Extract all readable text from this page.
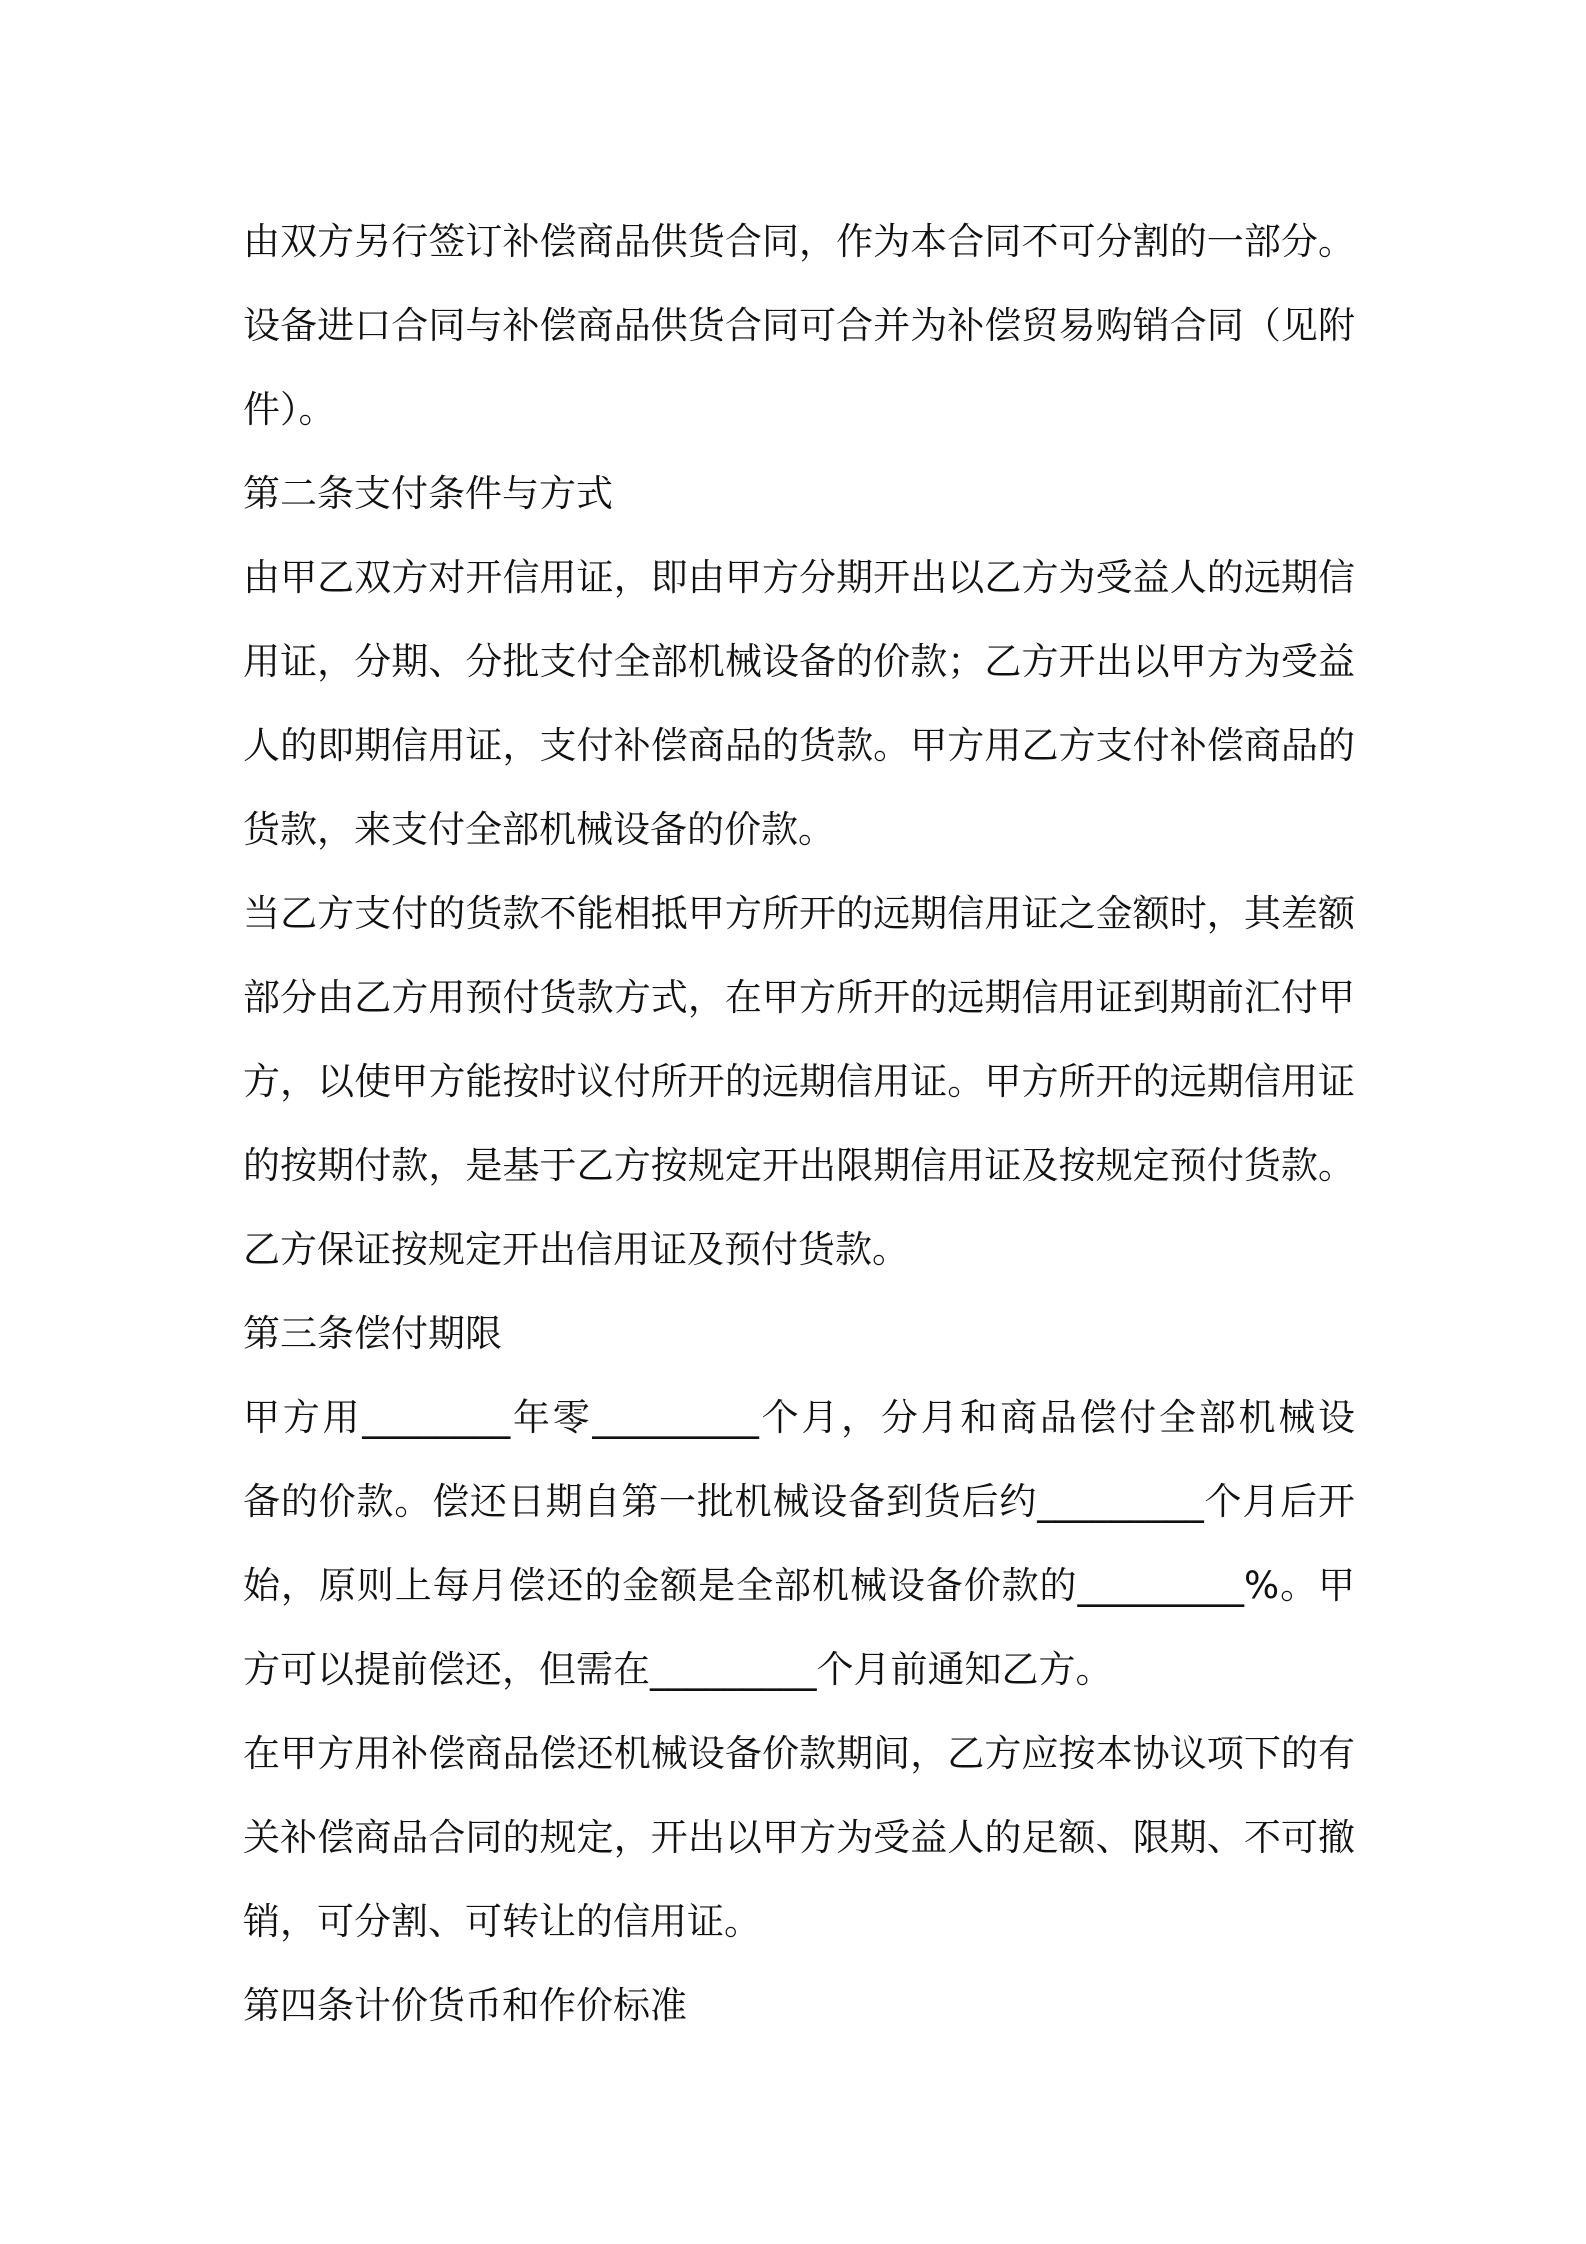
由双方另行签订补偿商品供货合同，作为本合同不可分割的一部分。
设备进口合同与补偿商品供货合同可合并为补偿贸易购销合同（见附
件）。
第二条支付条件与方式
由甲乙双方对开信用证，即由甲方分期开出以乙方为受益人的远期信
用证，分期、分批支付全部机械设备的价款；乙方开出以甲方为受益
人的即期信用证，支付补偿商品的货款。甲方用乙方支付补偿商品的
货款，来支付全部机械设备的价款。
当乙方支付的货款不能相抵甲方所开的远期信用证之金额时，其差额
部分由乙方用预付货款方式，在甲方所开的远期信用证到期前汇付甲
方，以使甲方能按时议付所开的远期信用证。甲方所开的远期信用证
的按期付款，是基于乙方按规定开出限期信用证及按规定预付货款。
乙方保证按规定开出信用证及预付货款。
第三条偿付期限
甲方用________年零_________个月，分月和商品偿付全部机械设
备的价款。偿还日期自第一批机械设备到货后约_________个月后开
始，原则上每月偿还的金额是全部机械设备价款的_________%。甲
方可以提前偿还，但需在_________个月前通知乙方。
在甲方用补偿商品偿还机械设备价款期间，乙方应按本协议项下的有
关补偿商品合同的规定，开出以甲方为受益人的足额、限期、不可撤
销，可分割、可转让的信用证。
第四条计价货币和作价标准
